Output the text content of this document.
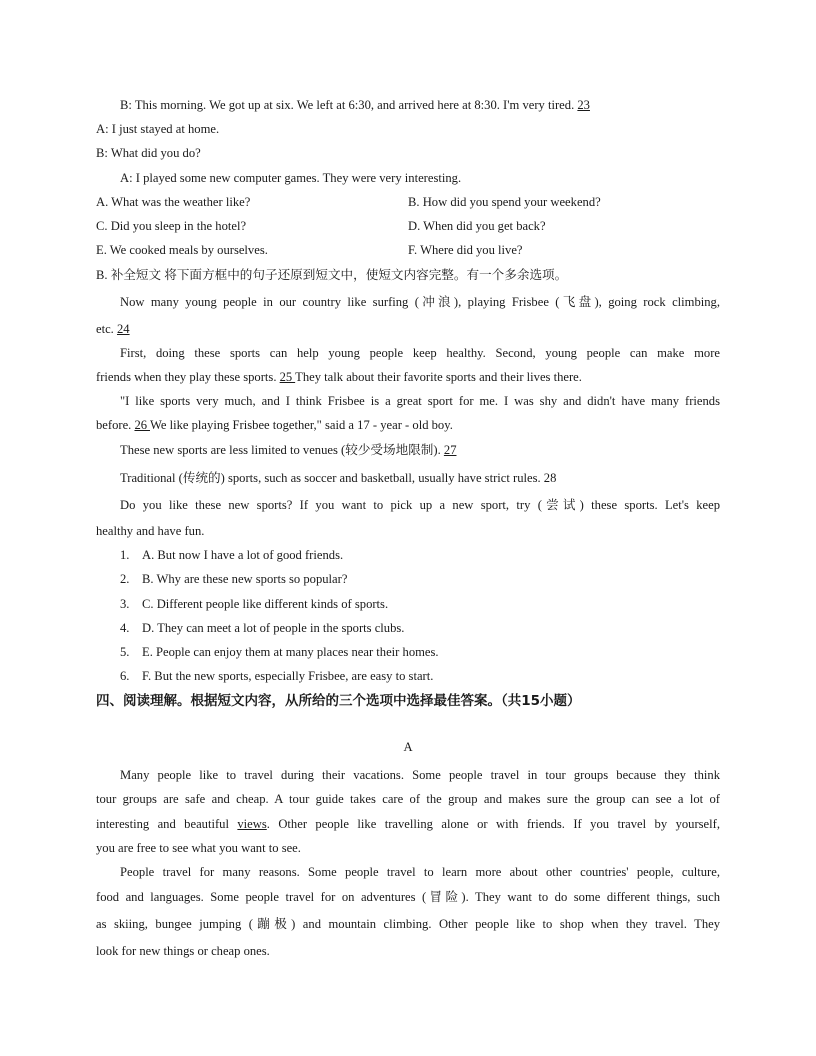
B: This morning. We got up at six. We left at 6:30, and arrived here at 8:30. I'm very tired. 23
A: I just stayed at home.
B: What did you do?
A: I played some new computer games. They were very interesting.
A. What was the weather like?	B. How did you spend your weekend?
C. Did you sleep in the hotel?	D. When did you get back?
E. We cooked meals by ourselves.	F. Where did you live?
B. 补全短文 将下面方框中的句子还原到短文中，使短文内容完整。有一个多余选项。
Now many young people in our country like surfing (冲浪), playing Frisbee (飞盘), going rock climbing,
etc. 24
First, doing these sports can help young people keep healthy. Second, young people can make more
friends when they play these sports. 25 They talk about their favorite sports and their lives there.
"I like sports very much, and I think Frisbee is a great sport for me. I was shy and didn't have many friends
before. 26 We like playing Frisbee together," said a 17 - year - old boy.
These new sports are less limited to venues (较少受场地限制). 27
Traditional (传统的) sports, such as soccer and basketball, usually have strict rules. 28
Do you like these new sports? If you want to pick up a new sport, try (尝试) these sports. Let's keep
healthy and have fun.
1. A. But now I have a lot of good friends.
2. B. Why are these new sports so popular?
3. C. Different people like different kinds of sports.
4. D. They can meet a lot of people in the sports clubs.
5. E. People can enjoy them at many places near their homes.
6. F. But the new sports, especially Frisbee, are easy to start.
四、阅读理解。根据短文内容，从所给的三个选项中选择最佳答案。（共15小题）
A
Many people like to travel during their vacations. Some people travel in tour groups because they think
tour groups are safe and cheap. A tour guide takes care of the group and makes sure the group can see a lot of
interesting and beautiful views. Other people like travelling alone or with friends. If you travel by yourself,
you are free to see what you want to see.
People travel for many reasons. Some people travel to learn more about other countries' people, culture,
food and languages. Some people travel for on adventures (冒险). They want to do some different things, such
as skiing, bungee jumping (蹦极) and mountain climbing. Other people like to shop when they travel. They
look for new things or cheap ones.
